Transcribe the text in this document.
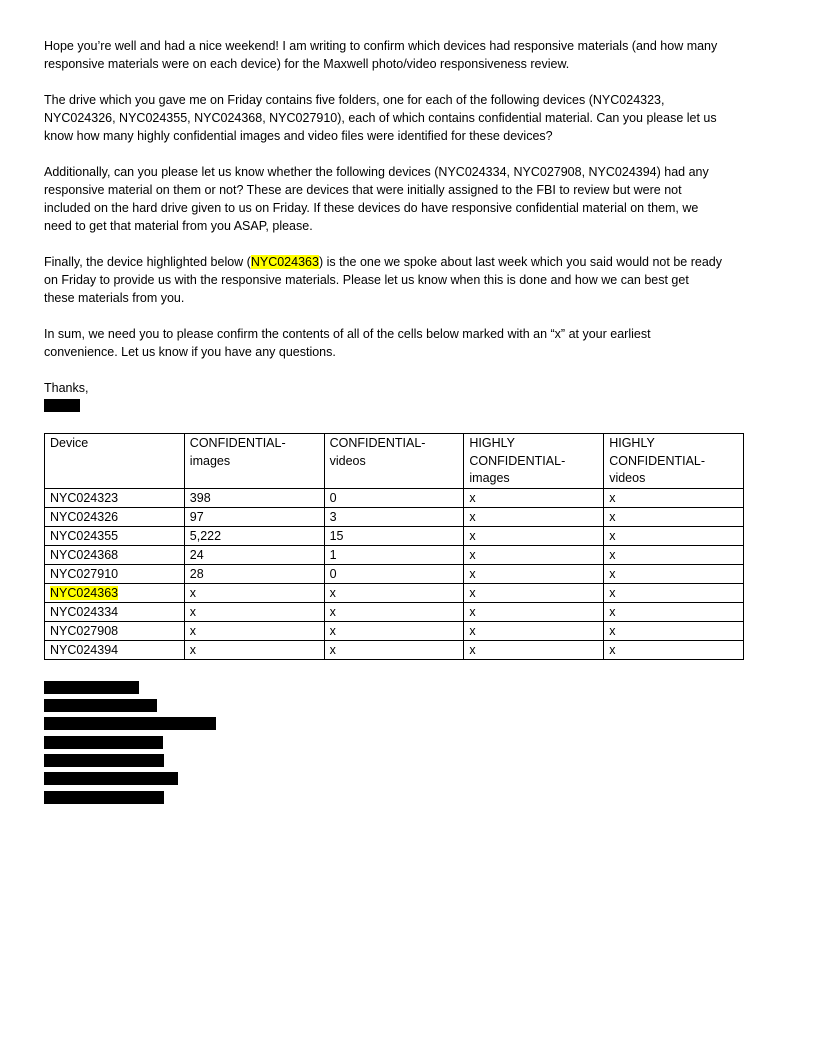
Hope you’re well and had a nice weekend! I am writing to confirm which devices had responsive materials (and how many
responsive materials were on each device) for the Maxwell photo/video responsiveness review.
The drive which you gave me on Friday contains five folders, one for each of the following devices (NYC024323,
NYC024326, NYC024355, NYC024368, NYC027910), each of which contains confidential material. Can you please let us
know how many highly confidential images and video files were identified for these devices?
Additionally, can you please let us know whether the following devices (NYC024334, NYC027908, NYC024394) had any
responsive material on them or not? These are devices that were initially assigned to the FBI to review but were not
included on the hard drive given to us on Friday. If these devices do have responsive confidential material on them, we
need to get that material from you ASAP, please.
Finally, the device highlighted below (NYC024363) is the one we spoke about last week which you said would not be ready
on Friday to provide us with the responsive materials. Please let us know when this is done and how we can best get
these materials from you.
In sum, we need you to please confirm the contents of all of the cells below marked with an “x” at your earliest
convenience. Let us know if you have any questions.
Thanks,
Device	CONFIDENTIAL-images	CONFIDENTIAL-videos	HIGHLY CONFIDENTIAL-images	HIGHLY CONFIDENTIAL-videos
NYC024323	398	0	x	x
NYC024326	97	3	x	x
NYC024355	5,222	15	x	x
NYC024368	24	1	x	x
NYC027910	28	0	x	x
NYC024363	x	x	x	x
NYC024334	x	x	x	x
NYC027908	x	x	x	x
NYC024394	x	x	x	x
